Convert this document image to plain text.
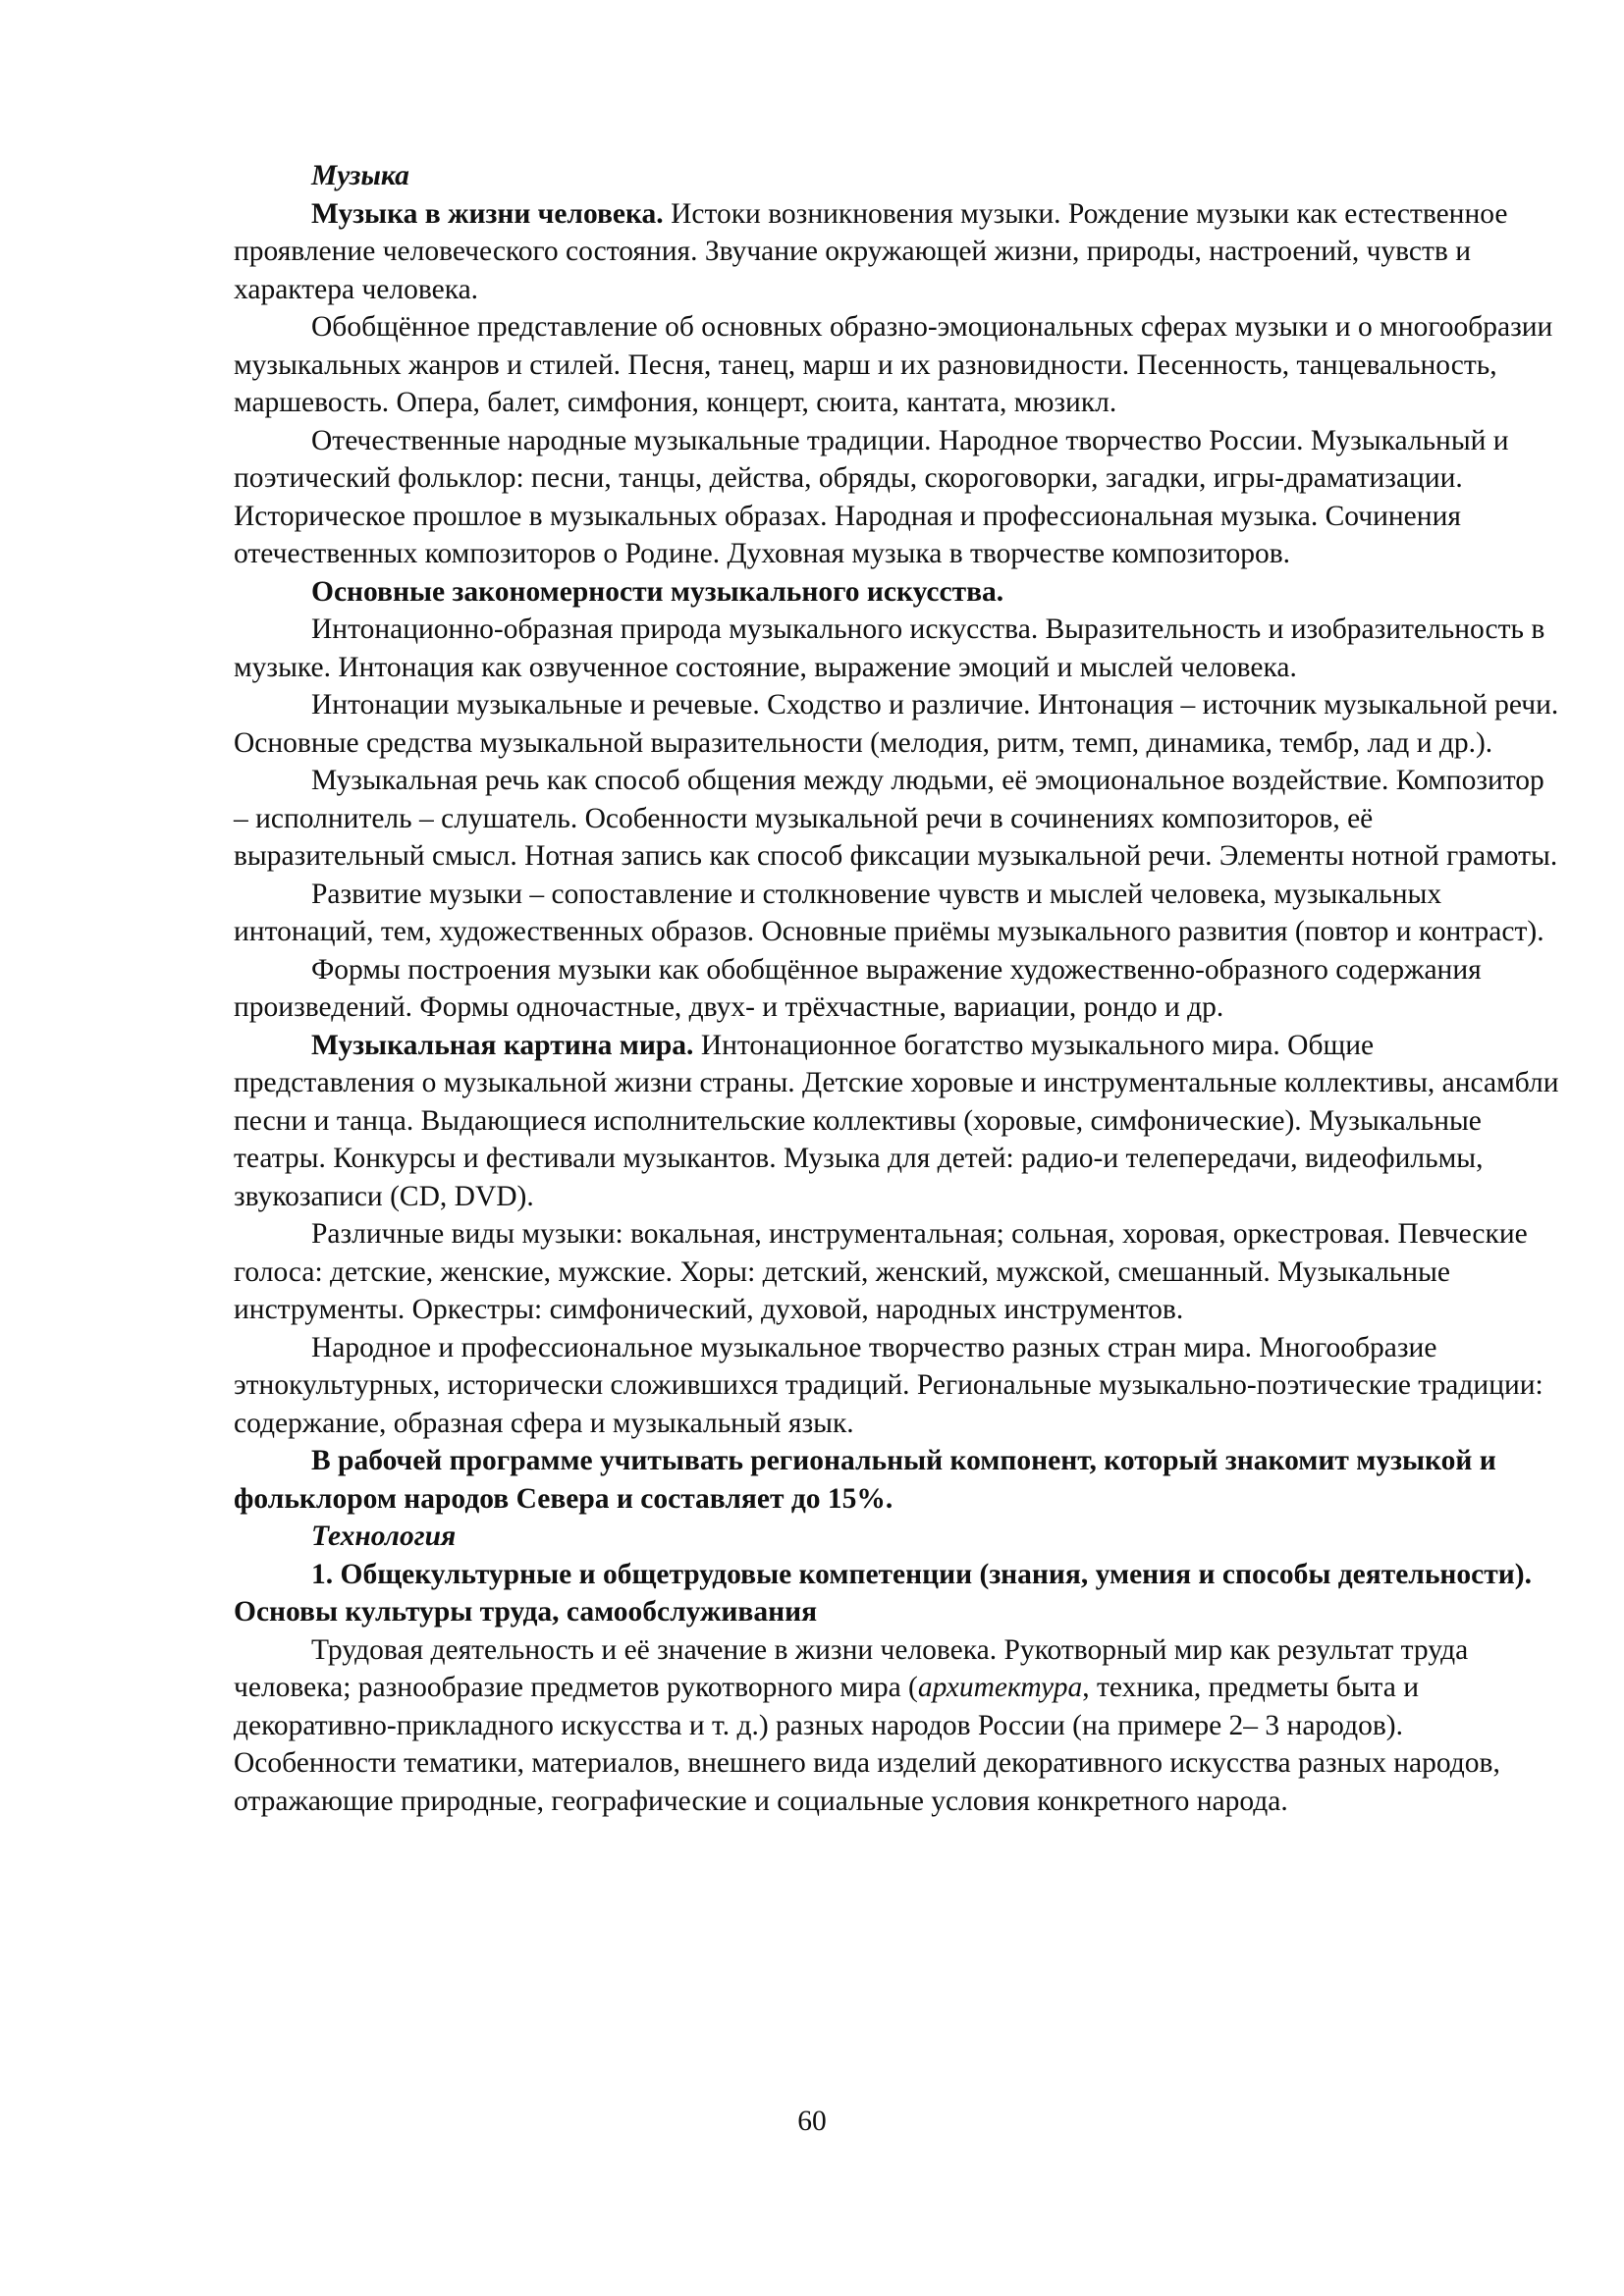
Музыка

Музыка в жизни человека. Истоки возникновения музыки. Рождение музыки как естественное проявление человеческого состояния. Звучание окружающей жизни, природы, настроений, чувств и характера человека.

Обобщённое представление об основных образно-эмоциональных сферах музыки и о многообразии музыкальных жанров и стилей. Песня, танец, марш и их разновидности. Песенность, танцевальность, маршевость. Опера, балет, симфония, концерт, сюита, кантата, мюзикл.

Отечественные народные музыкальные традиции. Народное творчество России. Музыкальный и поэтический фольклор: песни, танцы, действа, обряды, скороговорки, загадки, игры-драматизации. Историческое прошлое в музыкальных образах. Народная и профессиональная музыка. Сочинения отечественных композиторов о Родине. Духовная музыка в творчестве композиторов.

Основные закономерности музыкального искусства.

Интонационно-образная природа музыкального искусства. Выразительность и изобразительность в музыке. Интонация как озвученное состояние, выражение эмоций и мыслей человека.

Интонации музыкальные и речевые. Сходство и различие. Интонация – источник музыкальной речи. Основные средства музыкальной выразительности (мелодия, ритм, темп, динамика, тембр, лад и др.).

Музыкальная речь как способ общения между людьми, её эмоциональное воздействие. Композитор – исполнитель – слушатель. Особенности музыкальной речи в сочинениях композиторов, её выразительный смысл. Нотная запись как способ фиксации музыкальной речи. Элементы нотной грамоты.

Развитие музыки – сопоставление и столкновение чувств и мыслей человека, музыкальных интонаций, тем, художественных образов. Основные приёмы музыкального развития (повтор и контраст).

Формы построения музыки как обобщённое выражение художественно-образного содержания произведений. Формы одночастные, двух- и трёхчастные, вариации, рондо и др.

Музыкальная картина мира. Интонационное богатство музыкального мира. Общие представления о музыкальной жизни страны. Детские хоровые и инструментальные коллективы, ансамбли песни и танца. Выдающиеся исполнительские коллективы (хоровые, симфонические). Музыкальные театры. Конкурсы и фестивали музыкантов. Музыка для детей: радио-и телепередачи, видеофильмы, звукозаписи (CD, DVD).

Различные виды музыки: вокальная, инструментальная; сольная, хоровая, оркестровая. Певческие голоса: детские, женские, мужские. Хоры: детский, женский, мужской, смешанный. Музыкальные инструменты. Оркестры: симфонический, духовой, народных инструментов.

Народное и профессиональное музыкальное творчество разных стран мира. Многообразие этнокультурных, исторически сложившихся традиций. Региональные музыкально-поэтические традиции: содержание, образная сфера и музыкальный язык.

В рабочей программе учитывать региональный компонент, который знакомит музыкой и фольклором народов Севера и составляет до 15%.

Технология

1. Общекультурные и общетрудовые компетенции (знания, умения и способы деятельности). Основы культуры труда, самообслуживания

Трудовая деятельность и её значение в жизни человека. Рукотворный мир как результат труда человека; разнообразие предметов рукотворного мира (архитектура, техника, предметы быта и декоративно-прикладного искусства и т. д.) разных народов России (на примере 2– 3 народов). Особенности тематики, материалов, внешнего вида изделий декоративного искусства разных народов, отражающие природные, географические и социальные условия конкретного народа.

60
